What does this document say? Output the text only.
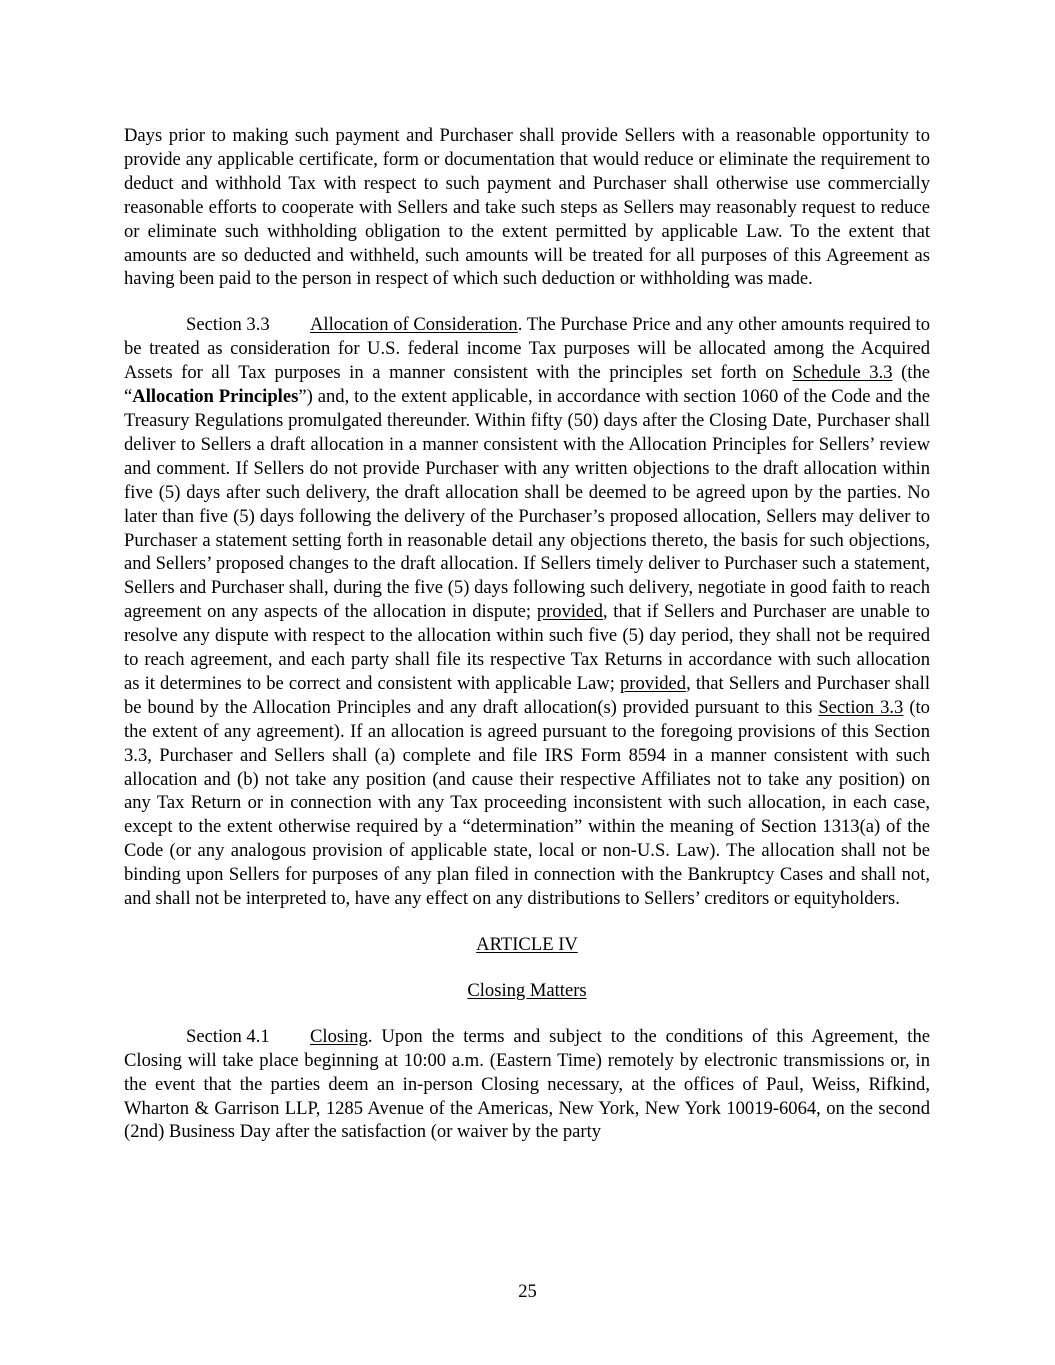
Days prior to making such payment and Purchaser shall provide Sellers with a reasonable opportunity to provide any applicable certificate, form or documentation that would reduce or eliminate the requirement to deduct and withhold Tax with respect to such payment and Purchaser shall otherwise use commercially reasonable efforts to cooperate with Sellers and take such steps as Sellers may reasonably request to reduce or eliminate such withholding obligation to the extent permitted by applicable Law. To the extent that amounts are so deducted and withheld, such amounts will be treated for all purposes of this Agreement as having been paid to the person in respect of which such deduction or withholding was made.

Section 3.3 Allocation of Consideration. The Purchase Price and any other amounts required to be treated as consideration for U.S. federal income Tax purposes will be allocated among the Acquired Assets for all Tax purposes in a manner consistent with the principles set forth on Schedule 3.3 (the “Allocation Principles”) and, to the extent applicable, in accordance with section 1060 of the Code and the Treasury Regulations promulgated thereunder. Within fifty (50) days after the Closing Date, Purchaser shall deliver to Sellers a draft allocation in a manner consistent with the Allocation Principles for Sellers’ review and comment. If Sellers do not provide Purchaser with any written objections to the draft allocation within five (5) days after such delivery, the draft allocation shall be deemed to be agreed upon by the parties. No later than five (5) days following the delivery of the Purchaser’s proposed allocation, Sellers may deliver to Purchaser a statement setting forth in reasonable detail any objections thereto, the basis for such objections, and Sellers’ proposed changes to the draft allocation. If Sellers timely deliver to Purchaser such a statement, Sellers and Purchaser shall, during the five (5) days following such delivery, negotiate in good faith to reach agreement on any aspects of the allocation in dispute; provided, that if Sellers and Purchaser are unable to resolve any dispute with respect to the allocation within such five (5) day period, they shall not be required to reach agreement, and each party shall file its respective Tax Returns in accordance with such allocation as it determines to be correct and consistent with applicable Law; provided, that Sellers and Purchaser shall be bound by the Allocation Principles and any draft allocation(s) provided pursuant to this Section 3.3 (to the extent of any agreement). If an allocation is agreed pursuant to the foregoing provisions of this Section 3.3, Purchaser and Sellers shall (a) complete and file IRS Form 8594 in a manner consistent with such allocation and (b) not take any position (and cause their respective Affiliates not to take any position) on any Tax Return or in connection with any Tax proceeding inconsistent with such allocation, in each case, except to the extent otherwise required by a “determination” within the meaning of Section 1313(a) of the Code (or any analogous provision of applicable state, local or non-U.S. Law). The allocation shall not be binding upon Sellers for purposes of any plan filed in connection with the Bankruptcy Cases and shall not, and shall not be interpreted to, have any effect on any distributions to Sellers’ creditors or equityholders.

ARTICLE IV

Closing Matters

Section 4.1 Closing. Upon the terms and subject to the conditions of this Agreement, the Closing will take place beginning at 10:00 a.m. (Eastern Time) remotely by electronic transmissions or, in the event that the parties deem an in-person Closing necessary, at the offices of Paul, Weiss, Rifkind, Wharton & Garrison LLP, 1285 Avenue of the Americas, New York, New York 10019-6064, on the second (2nd) Business Day after the satisfaction (or waiver by the party

25
